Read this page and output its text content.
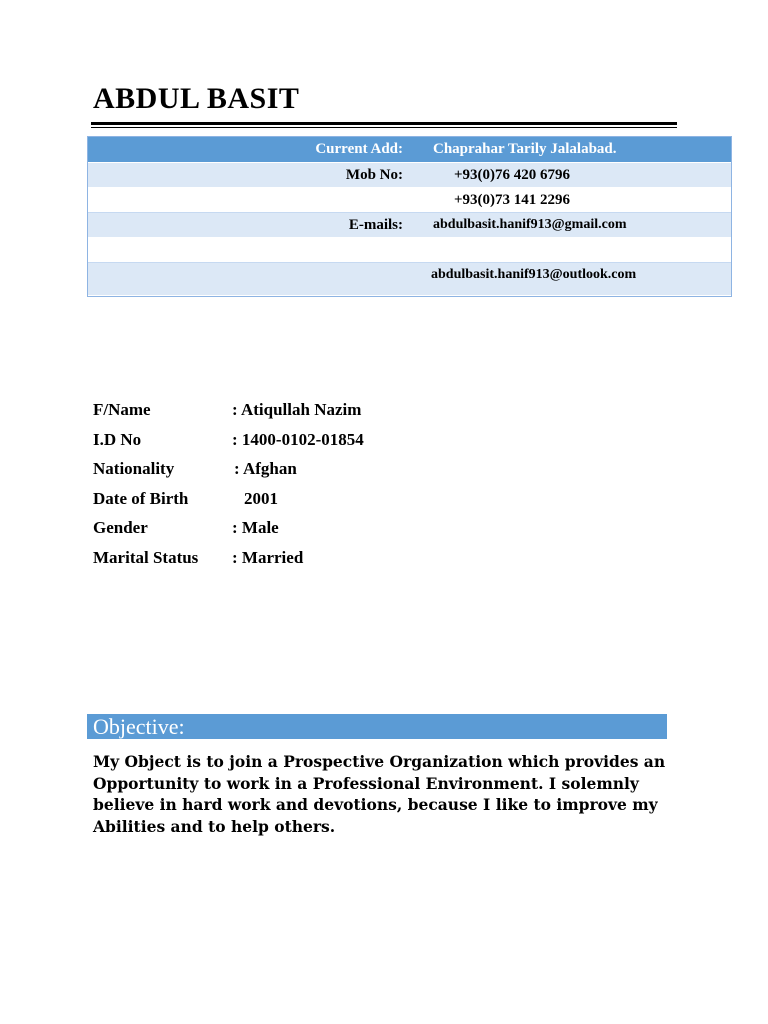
ABDUL BASIT
Current Add: Chaprahar Tarily Jalalabad.
Mob No:	+93(0)76 420 6796
+93(0)73 141 2296
E-mails: abdulbasit.hanif913@gmail.com
abdulbasit.hanif913@outlook.com
F/Name	: Atiqullah Nazim
I.D No	: 1400-0102-01854
Nationality	: Afghan
Date of Birth	2001
Gender	: Male
Marital Status : Married
Objective:
My Object is to join a Prospective Organization which provides an Opportunity to work in a Professional Environment. I solemnly believe in hard work and devotions, because I like to improve my Abilities and to help others.
